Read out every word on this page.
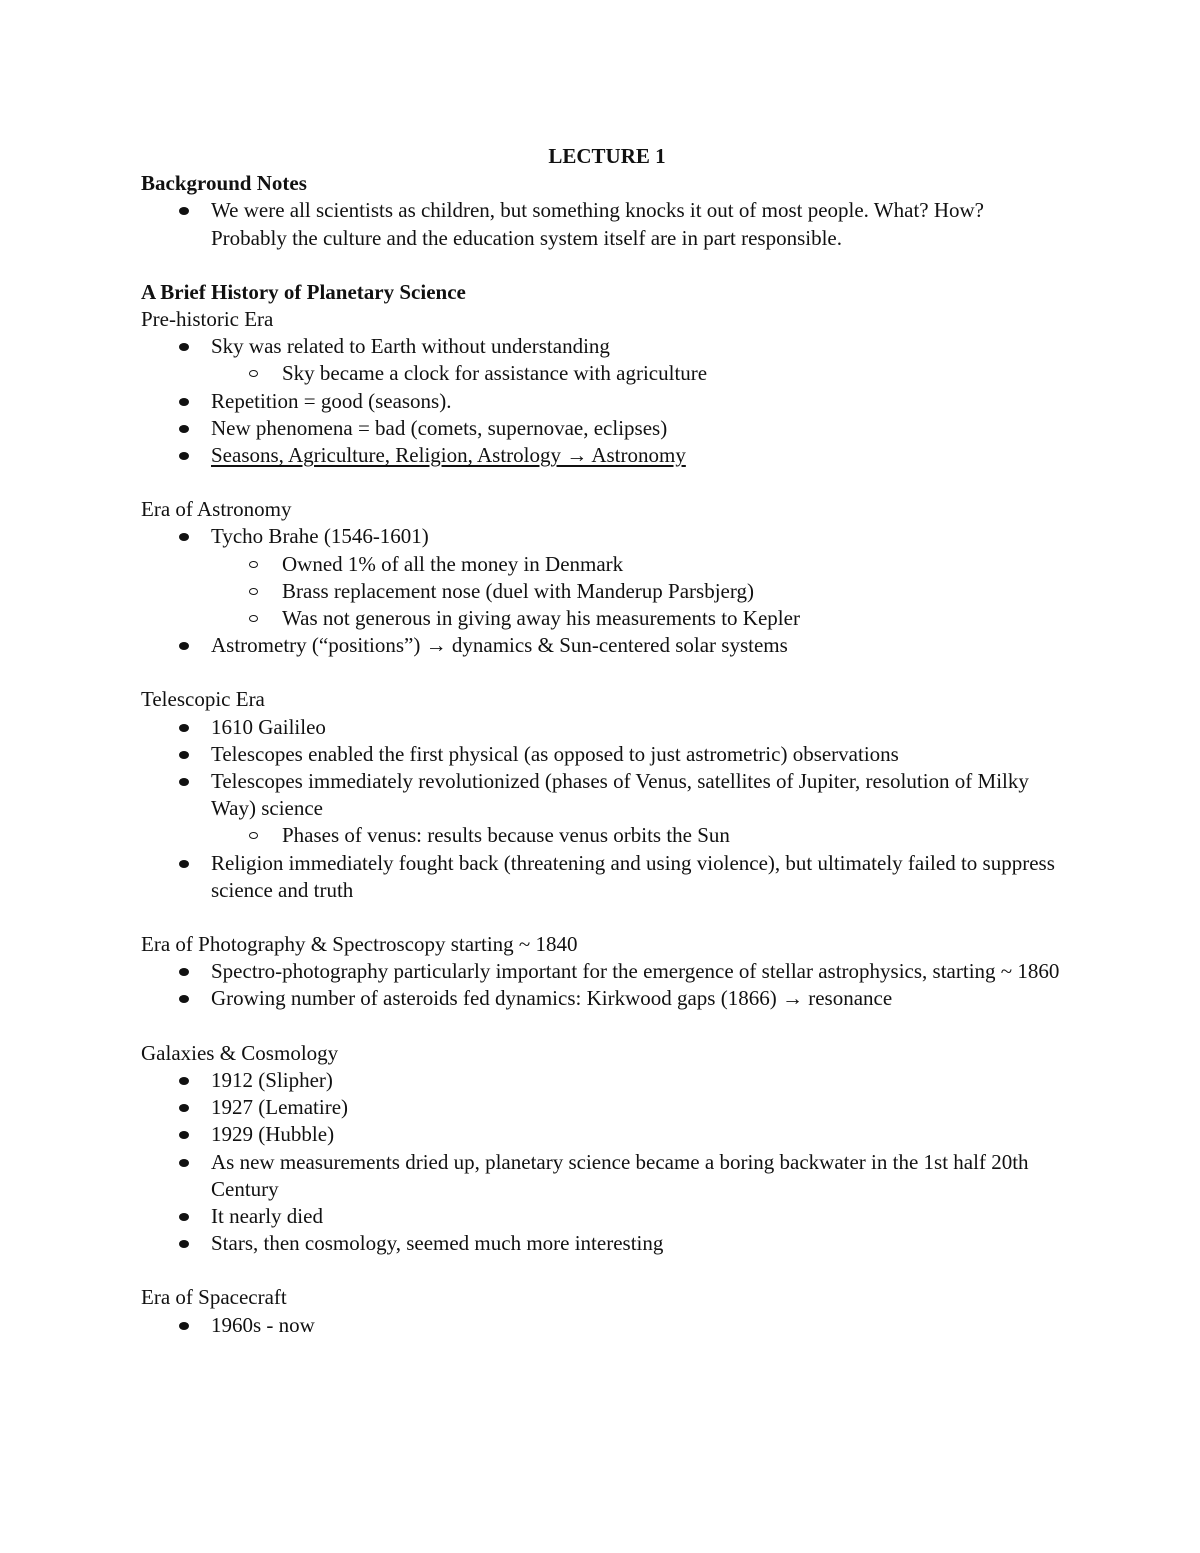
LECTURE 1
Background Notes
We were all scientists as children, but something knocks it out of most people. What? How? Probably the culture and the education system itself are in part responsible.
A Brief History of Planetary Science
Pre-historic Era
Sky was related to Earth without understanding
Sky became a clock for assistance with agriculture
Repetition = good (seasons).
New phenomena = bad (comets, supernovae, eclipses)
Seasons, Agriculture, Religion, Astrology → Astronomy
Era of Astronomy
Tycho Brahe (1546-1601)
Owned 1% of all the money in Denmark
Brass replacement nose (duel with Manderup Parsbjerg)
Was not generous in giving away his measurements to Kepler
Astrometry (“positions”) → dynamics & Sun-centered solar systems
Telescopic Era
1610 Gailileo
Telescopes enabled the first physical (as opposed to just astrometric) observations
Telescopes immediately revolutionized (phases of Venus, satellites of Jupiter, resolution of Milky Way) science
Phases of venus: results because venus orbits the Sun
Religion immediately fought back (threatening and using violence), but ultimately failed to suppress science and truth
Era of Photography & Spectroscopy starting ~ 1840
Spectro-photography particularly important for the emergence of stellar astrophysics, starting ~ 1860
Growing number of asteroids fed dynamics: Kirkwood gaps (1866) → resonance
Galaxies & Cosmology
1912 (Slipher)
1927 (Lematire)
1929 (Hubble)
As new measurements dried up, planetary science became a boring backwater in the 1st half 20th Century
It nearly died
Stars, then cosmology, seemed much more interesting
Era of Spacecraft
1960s - now
